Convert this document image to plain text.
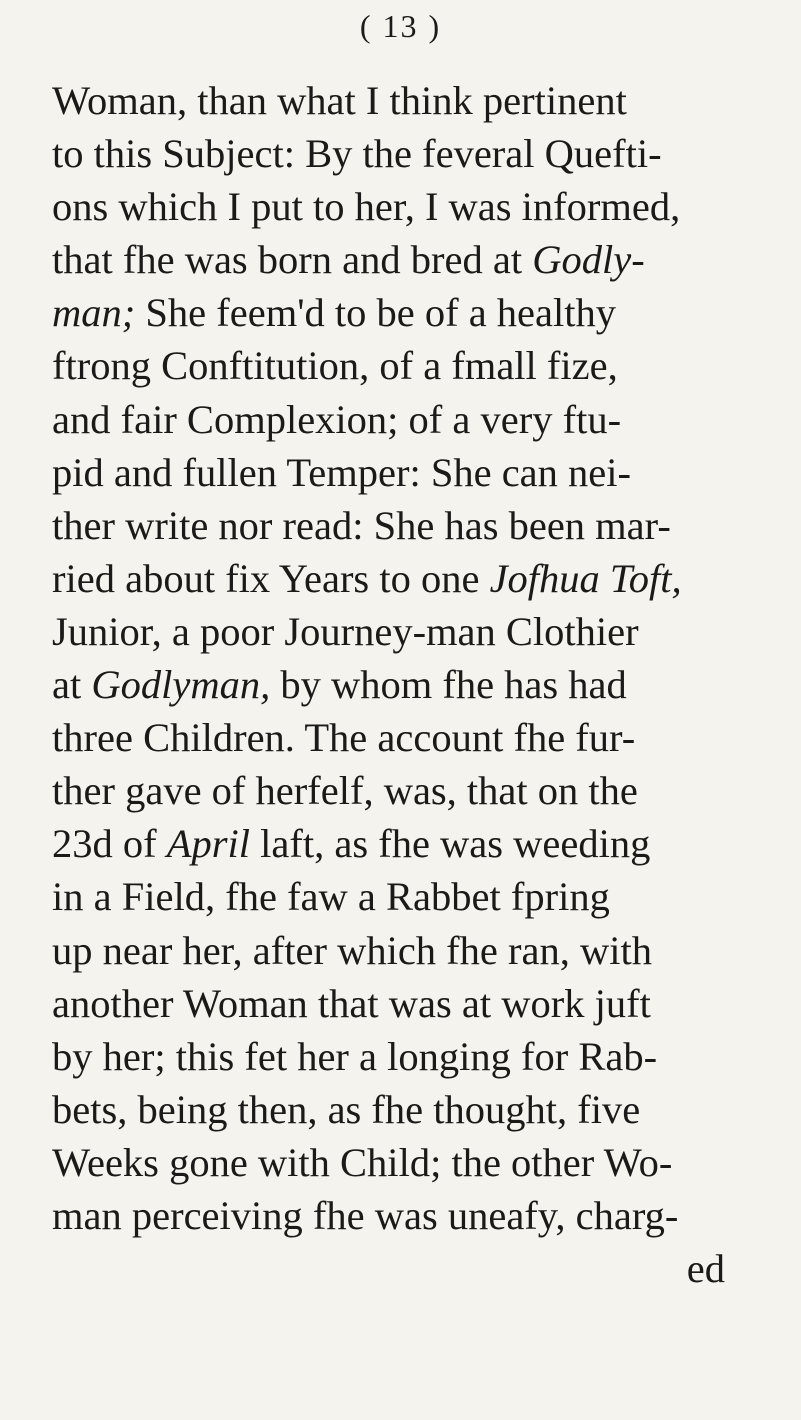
( 13 )
Woman, than what I think pertinent
to this Subject: By the feveral Quefti-
ons which I put to her, I was informed,
that fhe was born and bred at Godly-
man; She feem'd to be of a healthy
ftrong Conftitution, of a fmall fize,
and fair Complexion; of a very ftu-
pid and fullen Temper: She can nei-
ther write nor read: She has been mar-
ried about fix Years to one Jofhua Toft,
Junior, a poor Journey-man Clothier
at Godlyman, by whom fhe has had
three Children. The account fhe fur-
ther gave of herfelf, was, that on the
23d of April laft, as fhe was weeding
in a Field, fhe faw a Rabbet fpring
up near her, after which fhe ran, with
another Woman that was at work juft
by her; this fet her a longing for Rab-
bets, being then, as fhe thought, five
Weeks gone with Child; the other Wo-
man perceiving fhe was uneafy, charg-
ed
